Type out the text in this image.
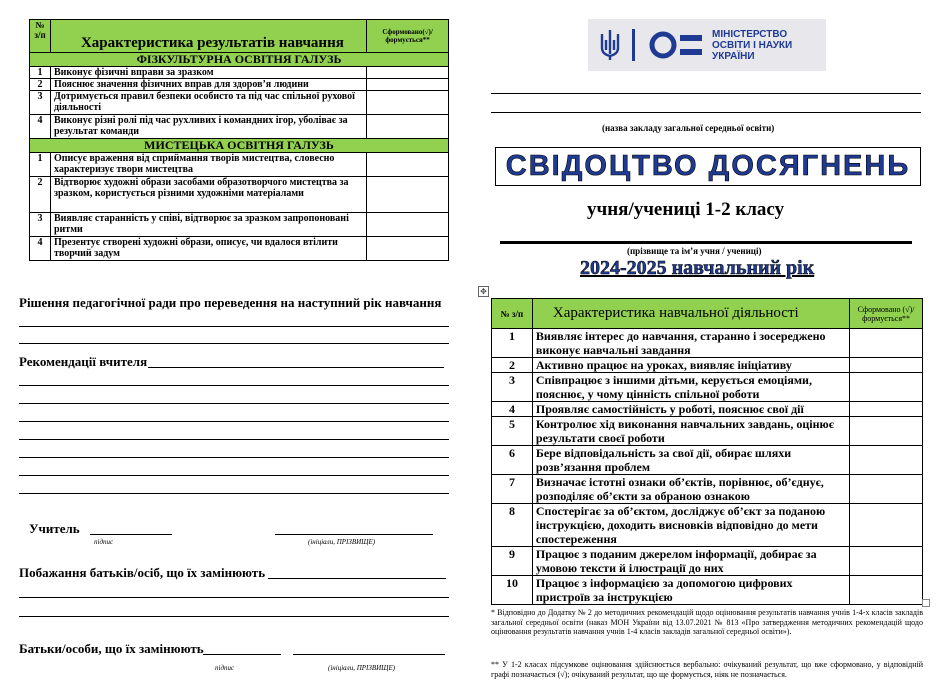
№ з/п	Характеристика результатів навчання	Сформовано(√)/ формується**
ФІЗКУЛЬТУРНА ОСВІТНЯ ГАЛУЗЬ		
1	Виконує фізичні вправи за зразком	
2	Пояснює значення фізичних вправ для здоров’я людини	
3	Дотримується правил безпеки особисто та під час спільної рухової діяльності	
4	Виконує різні ролі під час рухливих і командних ігор, уболіває за результат команди	
МИСТЕЦЬКА ОСВІТНЯ ГАЛУЗЬ		
1	Описує враження від сприймання творів мистецтва, словесно характеризує твори мистецтва	
2	Відтворює художні образи засобами образотворчого мистецтва за зразком, користується різними художніми матеріалами	
3	Виявляє старанність у співі, відтворює за зразком запропоновані ритми	
4	Презентує створені художні образи, описує, чи вдалося втілити творчий задум	
Рішення педагогічної ради про переведення на наступний рік навчання
Рекомендації вчителя
Учитель
підпис	(ініціали, ПРІЗВИЩЕ)
Побажання батьків/осіб, що їх замінюють
Батьки/особи, що їх замінюють
підпис	(ініціали, ПРІЗВИЩЕ)
МІНІСТЕРСТВО
ОСВІТИ І НАУКИ
УКРАЇНИ
(назва закладу загальної середньої освіти)
СВІДОЦТВО ДОСЯГНЕНЬ
учня/учениці 1-2 класу
(прізвище та ім’я учня / учениці)
2024-2025 навчальний рік
✥
№ з/п	Характеристика навчальної діяльності	Сформовано (√)/ формується**
1	Виявляє інтерес до навчання, старанно і зосереджено виконує навчальні завдання	
2	Активно працює на уроках, виявляє ініціативу	
3	Співпрацює з іншими дітьми, керується емоціями, пояснює, у чому цінність спільної роботи	
4	Проявляє самостійність у роботі, пояснює свої дії	
5	Контролює хід виконання навчальних завдань, оцінює результати своєї роботи	
6	Бере відповідальність за свої дії, обирає шляхи розв’язання проблем	
7	Визначає істотні ознаки об’єктів, порівнює, об’єднує, розподіляє об’єкти за обраною ознакою	
8	Спостерігає за об’єктом, досліджує об’єкт за поданою інструкцією, доходить висновків відповідно до мети спостереження	
9	Працює з поданим джерелом інформації, добирає за умовою тексти й ілюстрації до них	
10	Працює з інформацією за допомогою цифрових пристроїв за інструкцією	
* Відповідно до Додатку № 2 до методичних рекомендацій щодо оцінювання результатів навчання учнів 1-4-х класів закладів загальної середньої освіти (наказ МОН України від 13.07.2021 № 813 «Про затвердження методичних рекомендацій щодо оцінювання результатів навчання учнів 1-4 класів закладів загальної середньої освіти»).
** У 1-2 класах підсумкове оцінювання здійснюється вербально: очікуваний результат, що вже сформовано, у відповідній графі позначається (√); очікуваний результат, що ще формується, ніяк не позначається.
